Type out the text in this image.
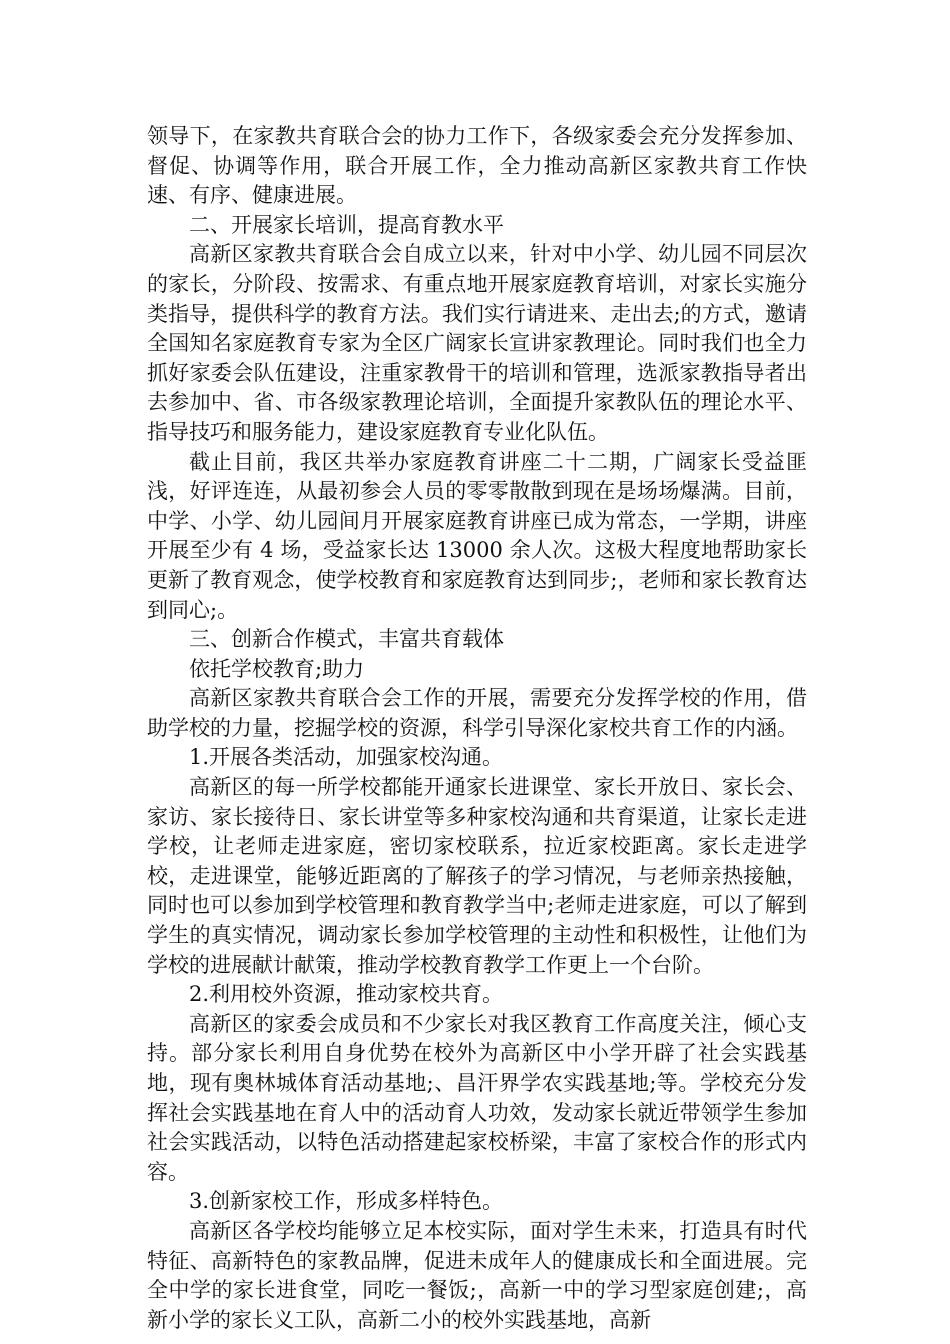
领导下，在家教共育联合会的协力工作下，各级家委会充分发挥参加、督促、协调等作用，联合开展工作，全力推动高新区家教共育工作快速、有序、健康进展。

二、开展家长培训，提高育教水平

高新区家教共育联合会自成立以来，针对中小学、幼儿园不同层次的家长，分阶段、按需求、有重点地开展家庭教育培训，对家长实施分类指导，提供科学的教育方法。我们实行请进来、走出去;的方式，邀请全国知名家庭教育专家为全区广阔家长宣讲家教理论。同时我们也全力抓好家委会队伍建设，注重家教骨干的培训和管理，选派家教指导者出去参加中、省、市各级家教理论培训，全面提升家教队伍的理论水平、指导技巧和服务能力，建设家庭教育专业化队伍。

截止目前，我区共举办家庭教育讲座二十二期，广阔家长受益匪浅，好评连连，从最初参会人员的零零散散到现在是场场爆满。目前，中学、小学、幼儿园间月开展家庭教育讲座已成为常态，一学期，讲座开展至少有 4 场，受益家长达 13000 余人次。这极大程度地帮助家长更新了教育观念，使学校教育和家庭教育达到同步;，老师和家长教育达到同心;。

三、创新合作模式，丰富共育载体

依托学校教育;助力

高新区家教共育联合会工作的开展，需要充分发挥学校的作用，借助学校的力量，挖掘学校的资源，科学引导深化家校共育工作的内涵。

1.开展各类活动，加强家校沟通。

高新区的每一所学校都能开通家长进课堂、家长开放日、家长会、家访、家长接待日、家长讲堂等多种家校沟通和共育渠道，让家长走进学校，让老师走进家庭，密切家校联系，拉近家校距离。家长走进学校，走进课堂，能够近距离的了解孩子的学习情况，与老师亲热接触，同时也可以参加到学校管理和教育教学当中;老师走进家庭，可以了解到学生的真实情况，调动家长参加学校管理的主动性和积极性，让他们为学校的进展献计献策，推动学校教育教学工作更上一个台阶。

2.利用校外资源，推动家校共育。

高新区的家委会成员和不少家长对我区教育工作高度关注，倾心支持。部分家长利用自身优势在校外为高新区中小学开辟了社会实践基地，现有奥林城体育活动基地;、昌汗界学农实践基地;等。学校充分发挥社会实践基地在育人中的活动育人功效，发动家长就近带领学生参加社会实践活动，以特色活动搭建起家校桥梁，丰富了家校合作的形式内容。

3.创新家校工作，形成多样特色。

高新区各学校均能够立足本校实际，面对学生未来，打造具有时代特征、高新特色的家教品牌，促进未成年人的健康成长和全面进展。完全中学的家长进食堂，同吃一餐饭;，高新一中的学习型家庭创建;，高新小学的家长义工队，高新二小的校外实践基地，高新
